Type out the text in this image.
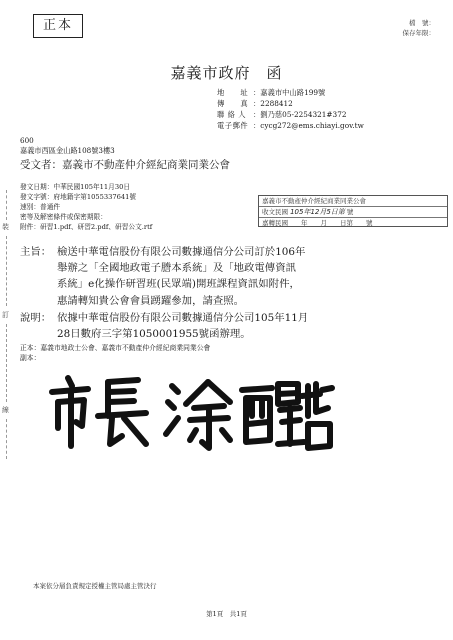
正本	檔　號：
保存年限：
嘉義市政府　函
地　　址 ：嘉義市中山路199號
傳　　真 ：2288412
聯 絡 人 ：劉乃慈05-2254321#372
電子郵件 ：cycg272@ems.chiayi.gov.tw
600
嘉義市西區金山路108號3樓3
受文者：嘉義市不動產仲介經紀商業同業公會
發文日期：中華民國105年11月30日
發文字號：府地籍字第1055337641號
速別：普通件
密等及解密條件或保密期限：
附件：研習1.pdf、研習2.pdf、研習公文.rtf
嘉義市不動產仲介經紀商業同業公會
收文民國 105年12月5日第 號
嘉轉民國　　年　　月　　日第　　號
主旨： 檢送中華電信股份有限公司數據通信分公司訂於106年
舉辦之「全國地政電子謄本系統」及「地政電傳資訊
系統」e化操作研習班(民眾端)開班課程資訊如附件，
惠請轉知貴公會會員踴躍參加，請查照。
說明： 依據中華電信股份有限公司數據通信分公司105年11月
28日數府三字第1050001955號函辦理。
正本：嘉義市地政士公會、嘉義市不動產仲介經紀商業同業公會
副本：
裝
訂
線
本案依分層負責規定授權主管局處主管決行
第1頁　共1頁
